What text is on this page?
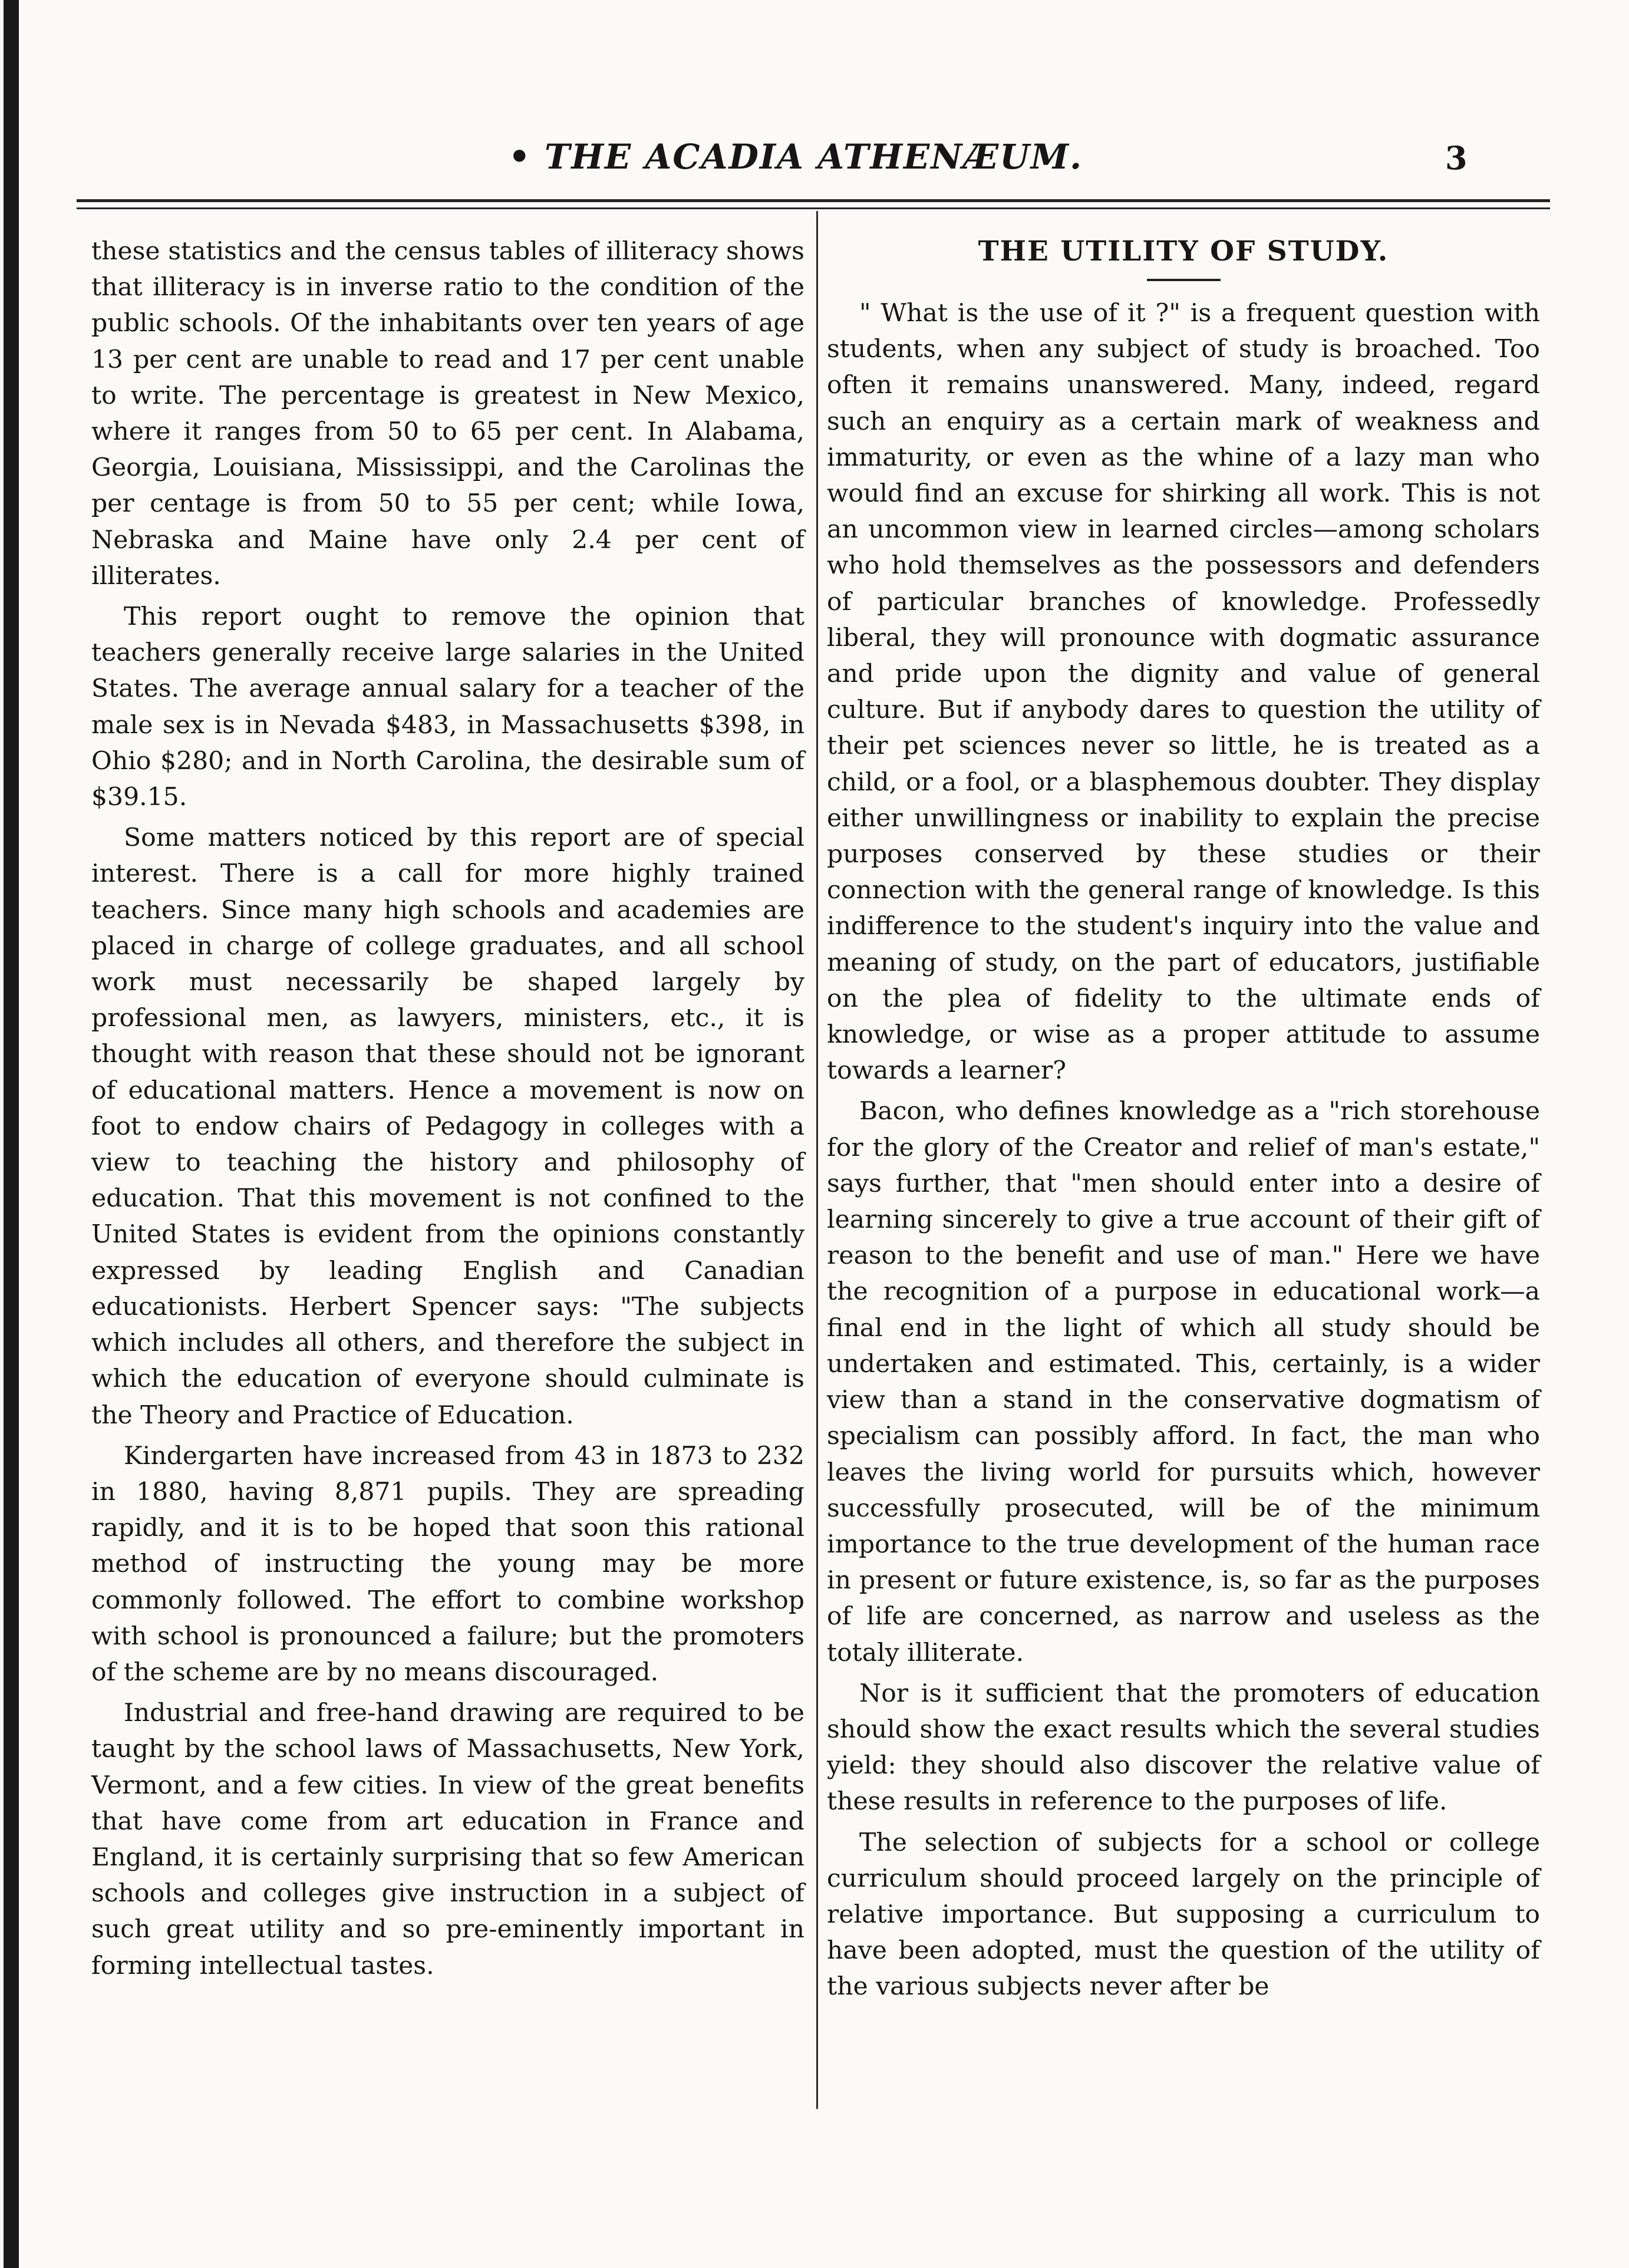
• THE ACADIA ATHENÆUM.	3

these statistics and the census tables of illiteracy shows that illiteracy is in inverse ratio to the condition of the public schools. Of the inhabitants over ten years of age 13 per cent are unable to read and 17 per cent unable to write. The percentage is greatest in New Mexico, where it ranges from 50 to 65 per cent. In Alabama, Georgia, Louisiana, Mississippi, and the Carolinas the per centage is from 50 to 55 per cent; while Iowa, Nebraska and Maine have only 2.4 per cent of illiterates.

This report ought to remove the opinion that teachers generally receive large salaries in the United States. The average annual salary for a teacher of the male sex is in Nevada $483, in Massachusetts $398, in Ohio $280; and in North Carolina, the desirable sum of $39.15.

Some matters noticed by this report are of special interest. There is a call for more highly trained teachers. Since many high schools and academies are placed in charge of college graduates, and all school work must necessarily be shaped largely by professional men, as lawyers, ministers, etc., it is thought with reason that these should not be ignorant of educational matters. Hence a movement is now on foot to endow chairs of Pedagogy in colleges with a view to teaching the history and philosophy of education. That this movement is not confined to the United States is evident from the opinions constantly expressed by leading English and Canadian educationists. Herbert Spencer says: "The subjects which includes all others, and therefore the subject in which the education of everyone should culminate is the Theory and Practice of Education.

Kindergarten have increased from 43 in 1873 to 232 in 1880, having 8,871 pupils. They are spreading rapidly, and it is to be hoped that soon this rational method of instructing the young may be more commonly followed. The effort to combine workshop with school is pronounced a failure; but the promoters of the scheme are by no means discouraged.

Industrial and free-hand drawing are required to be taught by the school laws of Massachusetts, New York, Vermont, and a few cities. In view of the great benefits that have come from art education in France and England, it is certainly surprising that so few American schools and colleges give instruction in a subject of such great utility and so pre-eminently important in forming intellectual tastes.

THE UTILITY OF STUDY.

" What is the use of it ?" is a frequent question with students, when any subject of study is broached. Too often it remains unanswered. Many, indeed, regard such an enquiry as a certain mark of weakness and immaturity, or even as the whine of a lazy man who would find an excuse for shirking all work. This is not an uncommon view in learned circles—among scholars who hold themselves as the possessors and defenders of particular branches of knowledge. Professedly liberal, they will pronounce with dogmatic assurance and pride upon the dignity and value of general culture. But if anybody dares to question the utility of their pet sciences never so little, he is treated as a child, or a fool, or a blasphemous doubter. They display either unwillingness or inability to explain the precise purposes conserved by these studies or their connection with the general range of knowledge. Is this indifference to the student's inquiry into the value and meaning of study, on the part of educators, justifiable on the plea of fidelity to the ultimate ends of knowledge, or wise as a proper attitude to assume towards a learner?

Bacon, who defines knowledge as a "rich storehouse for the glory of the Creator and relief of man's estate," says further, that "men should enter into a desire of learning sincerely to give a true account of their gift of reason to the benefit and use of man." Here we have the recognition of a purpose in educational work—a final end in the light of which all study should be undertaken and estimated. This, certainly, is a wider view than a stand in the conservative dogmatism of specialism can possibly afford. In fact, the man who leaves the living world for pursuits which, however successfully prosecuted, will be of the minimum importance to the true development of the human race in present or future existence, is, so far as the purposes of life are concerned, as narrow and useless as the totaly illiterate.

Nor is it sufficient that the promoters of education should show the exact results which the several studies yield: they should also discover the relative value of these results in reference to the purposes of life.

The selection of subjects for a school or college curriculum should proceed largely on the principle of relative importance. But supposing a curriculum to have been adopted, must the question of the utility of the various subjects never after be
